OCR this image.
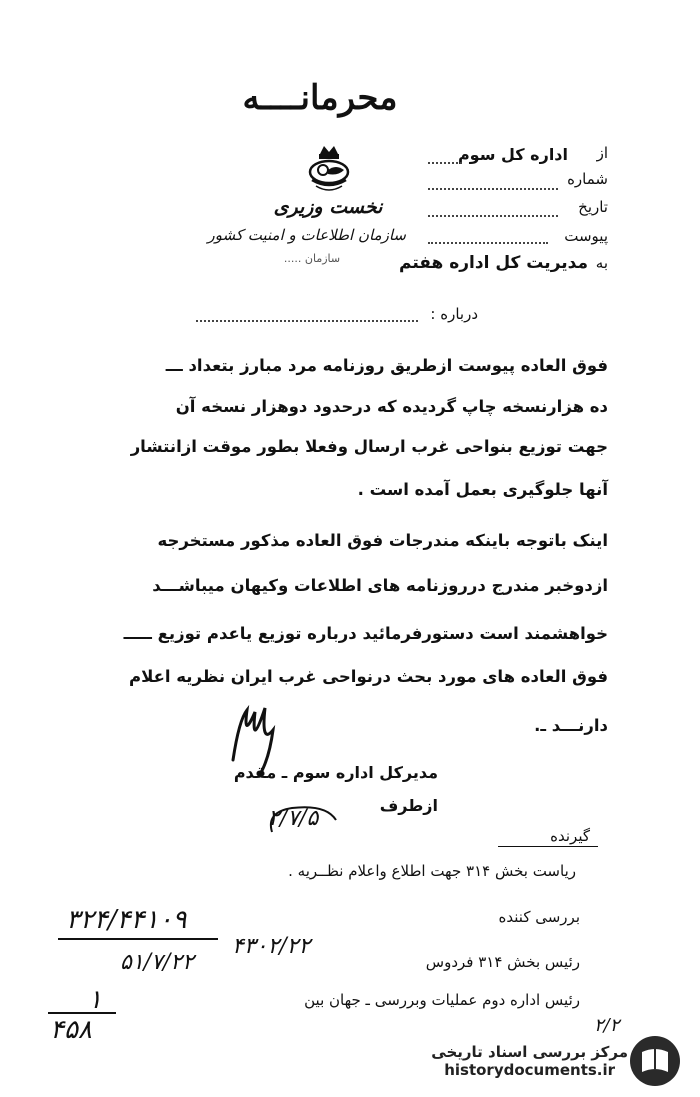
محرمانــــه
نخست وزیری
سازمان اطلاعات و امنیت کشور
سازمان .....
از
اداره کل سوم
شماره
تاریخ
پیوست
به
مدیریت کل اداره هفتم
درباره :
فوق العاده پیوست ازطریق روزنامه مرد مبارز بتعداد ـــ
ده هزارنسخه چاپ گردیده که درحدود دوهزار نسخه آن
جهت توزیع بنواحی غرب ارسال وفعلا بطور موقت ازانتشار
آنها جلوگیری بعمل آمده است .
اینک باتوجه باینکه مندرجات فوق العاده مذکور مستخرجه
ازدوخبر مندرج درروزنامه های اطلاعات وکیهان میباشـــد
خواهشمند است دستورفرمائید درباره توزیع یاعدم توزیع ـــــ
فوق العاده های مورد بحث درنواحی غرب ایران نظریه اعلام
دارنـــد ـ.
مدیرکل اداره سوم ـ مقدم
ازطرف
۲/۷/۵
گیرنده
ریاست بخش ۳۱۴ جهت اطلاع واعلام نظــریه .
بررسی کننده
رئیس بخش ۳۱۴ فردوس
رئیس اداره دوم عملیات وبررسی ـ جهان بین
۳۲۴/۴۴۱۰۹
۵۱/۷/۲۲
۴۳۰۲/۲۲
۱
۴۵۸	۲/۲
مرکز بررسی اسناد تاریخی
historydocuments.ir
